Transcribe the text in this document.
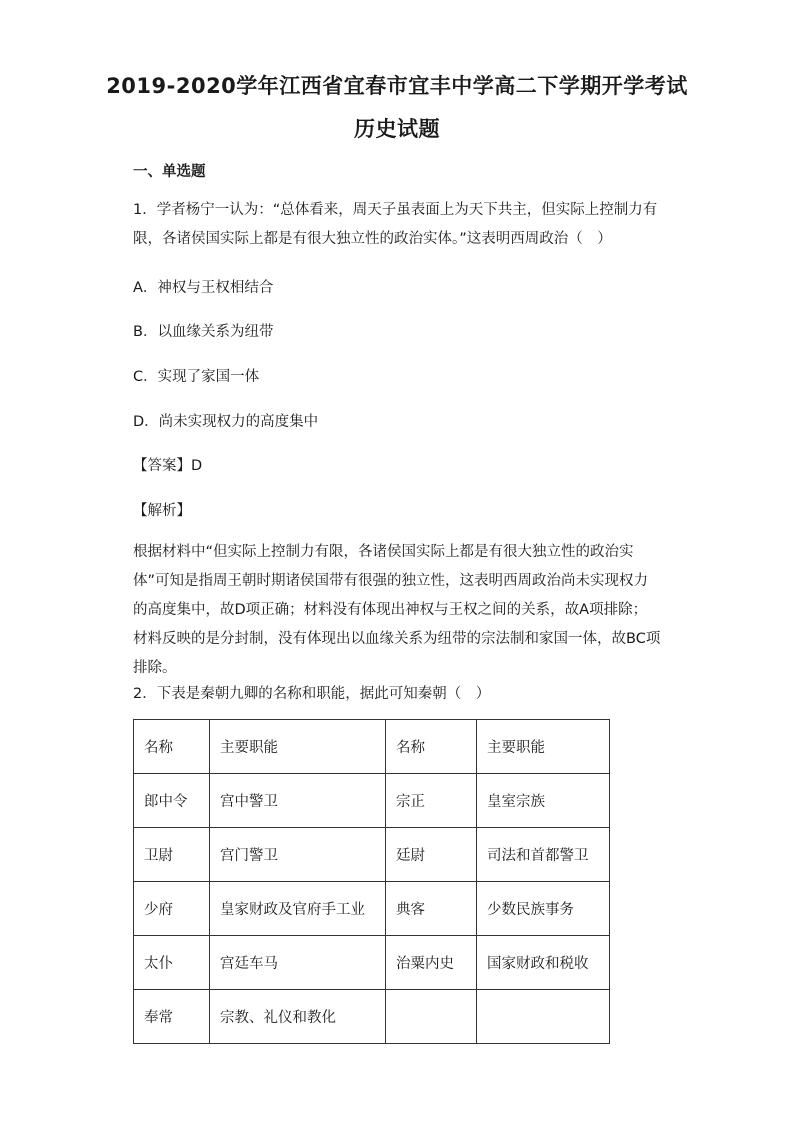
2019-2020学年江西省宜春市宜丰中学高二下学期开学考试
历史试题
一、单选题
1．学者杨宁一认为：“总体看来，周天子虽表面上为天下共主，但实际上控制力有限，各诸侯国实际上都是有很大独立性的政治实体。”这表明西周政治（　）
A．神权与王权相结合
B．以血缘关系为纽带
C．实现了家国一体
D．尚未实现权力的高度集中
【答案】D
【解析】
根据材料中“但实际上控制力有限，各诸侯国实际上都是有很大独立性的政治实体”可知是指周王朝时期诸侯国带有很强的独立性，这表明西周政治尚未实现权力的高度集中，故D项正确；材料没有体现出神权与王权之间的关系，故A项排除；材料反映的是分封制，没有体现出以血缘关系为纽带的宗法制和家国一体，故BC项排除。
2．下表是秦朝九卿的名称和职能，据此可知秦朝（　）
名称	主要职能	名称	主要职能
郎中令	宫中警卫	宗正	皇室宗族
卫尉	宫门警卫	廷尉	司法和首都警卫
少府	皇家财政及官府手工业	典客	少数民族事务
太仆	宫廷车马	治粟内史	国家财政和税收
奉常	宗教、礼仪和教化		
